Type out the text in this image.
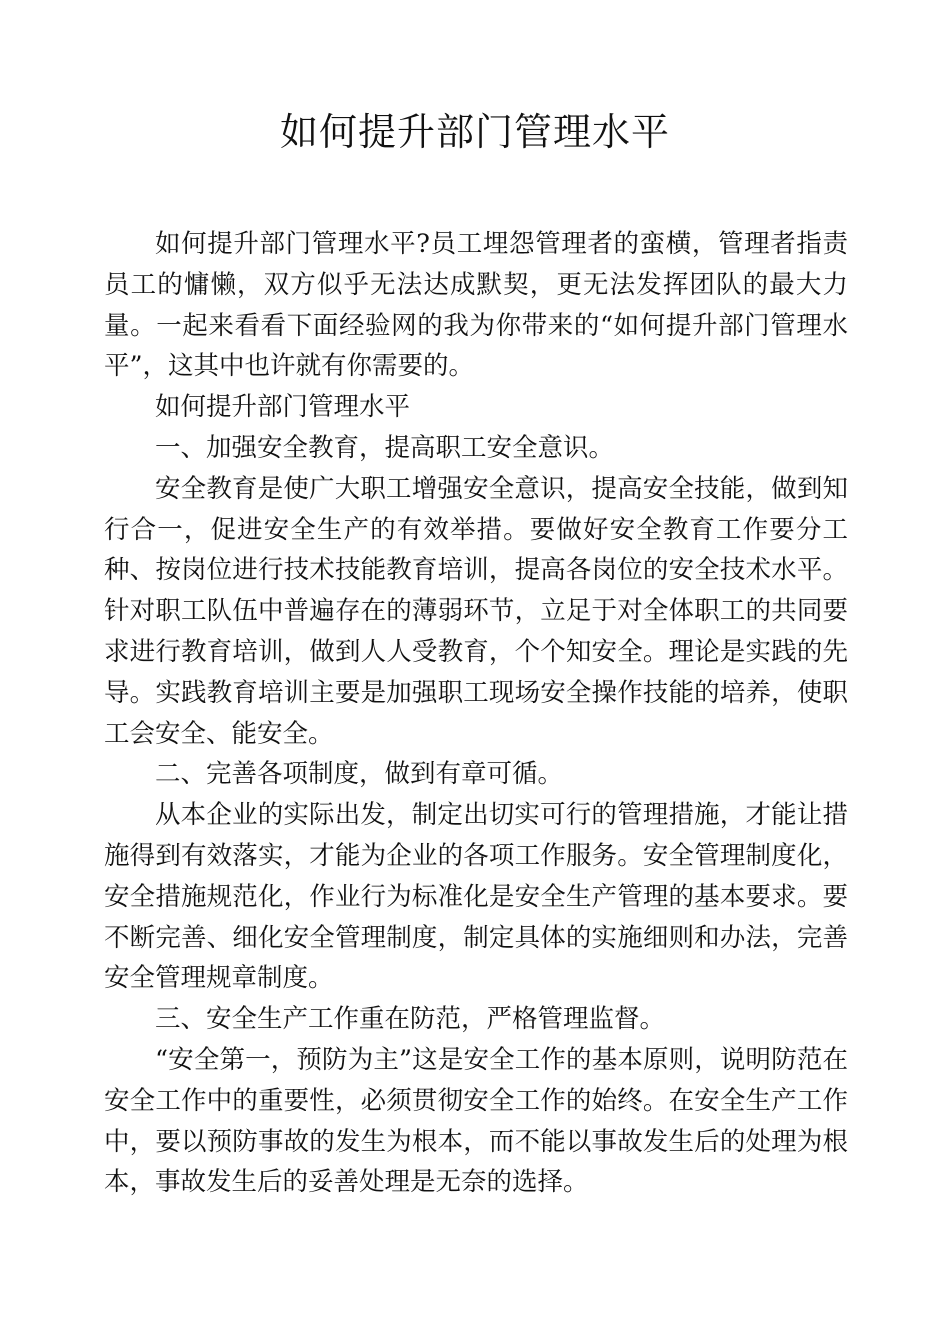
如何提升部门管理水平

如何提升部门管理水平?员工埋怨管理者的蛮横，管理者指责员工的慵懒，双方似乎无法达成默契，更无法发挥团队的最大力量。一起来看看下面经验网的我为你带来的“如何提升部门管理水平”，这其中也许就有你需要的。

如何提升部门管理水平

一、加强安全教育，提高职工安全意识。

安全教育是使广大职工增强安全意识，提高安全技能，做到知行合一，促进安全生产的有效举措。要做好安全教育工作要分工种、按岗位进行技术技能教育培训，提高各岗位的安全技术水平。针对职工队伍中普遍存在的薄弱环节，立足于对全体职工的共同要求进行教育培训，做到人人受教育，个个知安全。理论是实践的先导。实践教育培训主要是加强职工现场安全操作技能的培养，使职工会安全、能安全。

二、完善各项制度，做到有章可循。

从本企业的实际出发，制定出切实可行的管理措施，才能让措施得到有效落实，才能为企业的各项工作服务。安全管理制度化，安全措施规范化，作业行为标准化是安全生产管理的基本要求。要不断完善、细化安全管理制度，制定具体的实施细则和办法，完善安全管理规章制度。

三、安全生产工作重在防范，严格管理监督。

“安全第一，预防为主”这是安全工作的基本原则，说明防范在安全工作中的重要性，必须贯彻安全工作的始终。在安全生产工作中，要以预防事故的发生为根本，而不能以事故发生后的处理为根本，事故发生后的妥善处理是无奈的选择。
